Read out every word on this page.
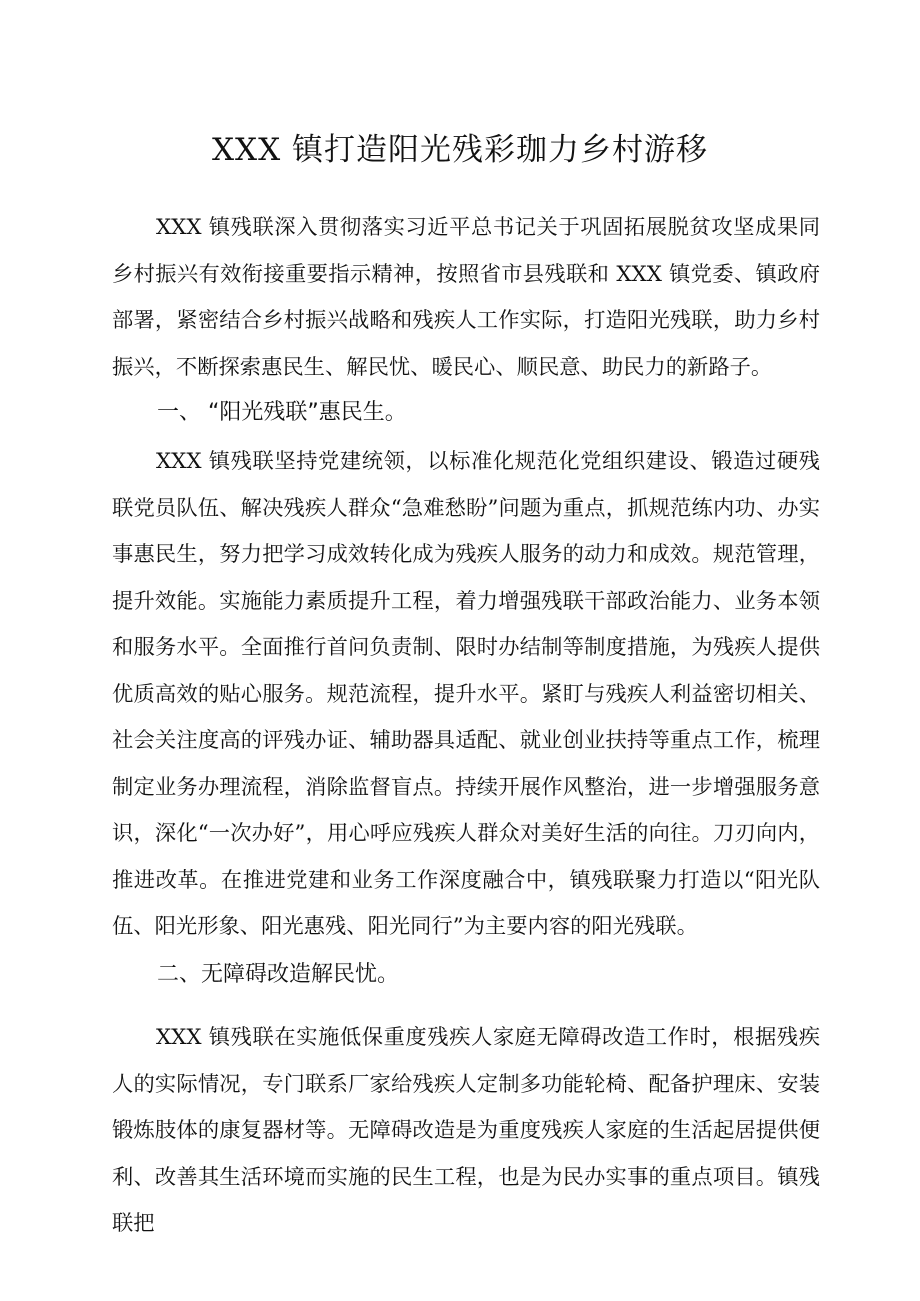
XXX 镇打造阳光残彩珈力乡村游移

XXX 镇残联深入贯彻落实习近平总书记关于巩固拓展脱贫攻坚成果同乡村振兴有效衔接重要指示精神，按照省市县残联和 XXX 镇党委、镇政府部署，紧密结合乡村振兴战略和残疾人工作实际，打造阳光残联，助力乡村振兴，不断探索惠民生、解民忧、暖民心、顺民意、助民力的新路子。

一、 “阳光残联”惠民生。

XXX 镇残联坚持党建统领，以标准化规范化党组织建设、锻造过硬残联党员队伍、解决残疾人群众“急难愁盼”问题为重点，抓规范练内功、办实事惠民生，努力把学习成效转化成为残疾人服务的动力和成效。规范管理，提升效能。实施能力素质提升工程，着力增强残联干部政治能力、业务本领和服务水平。全面推行首问负责制、限时办结制等制度措施，为残疾人提供优质高效的贴心服务。规范流程，提升水平。紧盯与残疾人利益密切相关、社会关注度高的评残办证、辅助器具适配、就业创业扶持等重点工作，梳理制定业务办理流程，消除监督盲点。持续开展作风整治，进一步增强服务意识，深化“一次办好”，用心呼应残疾人群众对美好生活的向往。刀刃向内，推进改革。在推进党建和业务工作深度融合中，镇残联聚力打造以“阳光队伍、阳光形象、阳光惠残、阳光同行”为主要内容的阳光残联。

二、无障碍改造解民忧。

XXX 镇残联在实施低保重度残疾人家庭无障碍改造工作时，根据残疾人的实际情况，专门联系厂家给残疾人定制多功能轮椅、配备护理床、安装锻炼肢体的康复器材等。无障碍改造是为重度残疾人家庭的生活起居提供便利、改善其生活环境而实施的民生工程，也是为民办实事的重点项目。镇残联把
